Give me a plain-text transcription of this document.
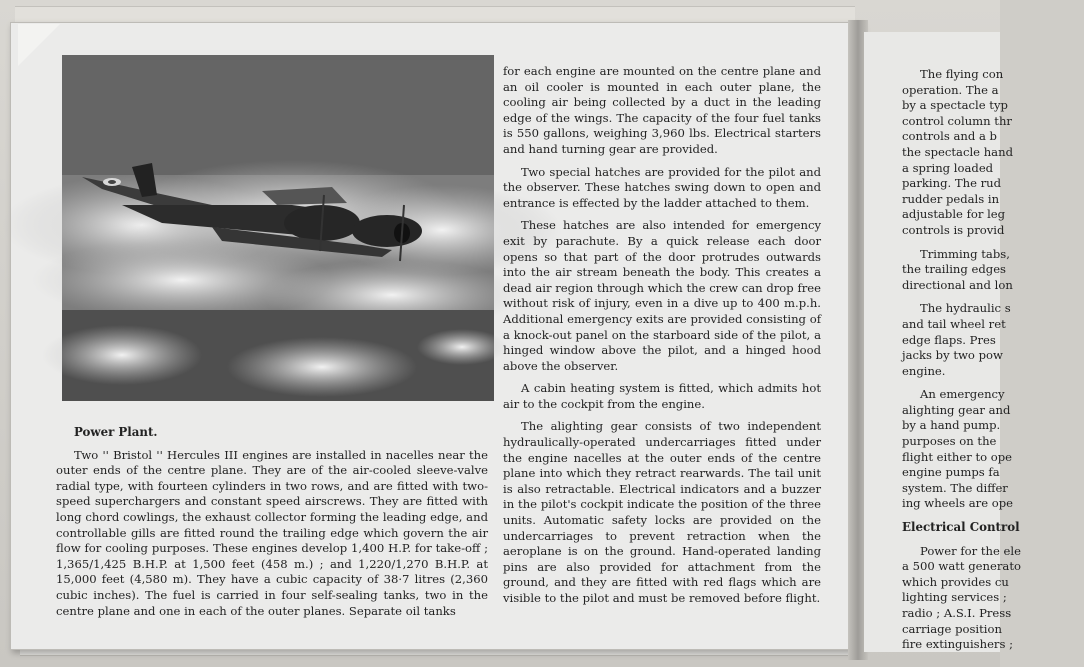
Power Plant.

Two '' Bristol '' Hercules III engines are installed in nacelles near the outer ends of the centre plane. They are of the air-cooled sleeve-valve radial type, with fourteen cylinders in two rows, and are fitted with two-speed superchargers and constant speed airscrews. They are fitted with long chord cowlings, the exhaust collector forming the leading edge, and controllable gills are fitted round the trailing edge which govern the air flow for cooling purposes. These engines develop 1,400 H.P. for take-off ; 1,365/1,425 B.H.P. at 1,500 feet (458 m.) ; and 1,220/1,270 B.H.P. at 15,000 feet (4,580 m). They have a cubic capacity of 38·7 litres (2,360 cubic inches). The fuel is carried in four self-sealing tanks, two in the centre plane and one in each of the outer planes. Separate oil tanks

for each engine are mounted on the centre plane and an oil cooler is mounted in each outer plane, the cooling air being collected by a duct in the leading edge of the wings. The capacity of the four fuel tanks is 550 gallons, weighing 3,960 lbs. Electrical starters and hand turning gear are provided.

Two special hatches are provided for the pilot and the observer. These hatches swing down to open and entrance is effected by the ladder attached to them.

These hatches are also intended for emergency exit by parachute. By a quick release each door opens so that part of the door protrudes outwards into the air stream beneath the body. This creates a dead air region through which the crew can drop free without risk of injury, even in a dive up to 400 m.p.h. Additional emergency exits are provided consisting of a knock-out panel on the starboard side of the pilot, a hinged window above the pilot, and a hinged hood above the observer.

A cabin heating system is fitted, which admits hot air to the cockpit from the engine.

The alighting gear consists of two independent hydraulically-operated undercarriages fitted under the engine nacelles at the outer ends of the centre plane into which they retract rearwards. The tail unit is also retractable. Electrical indicators and a buzzer in the pilot's cockpit indicate the position of the three units. Automatic safety locks are provided on the undercarriages to prevent retraction when the aeroplane is on the ground. Hand-operated landing pins are also provided for attachment from the ground, and they are fitted with red flags which are visible to the pilot and must be removed before flight.

The flying con
operation. The a
by a spectacle typ
control column thr
controls and a b
the spectacle hand
a spring loaded
parking. The rud
rudder pedals in
adjustable for leg
controls is provid

Trimming tabs,
the trailing edges
directional and lon

The hydraulic s
and tail wheel ret
edge flaps. Pres
jacks by two pow
engine.

An emergency
alighting gear and
by a hand pump.
purposes on the
flight either to ope
engine pumps fa
system. The differ
ing wheels are ope

Electrical Control

Power for the ele
a 500 watt generato
which provides cu
lighting services ;
radio ; A.S.I. Press
carriage position
fire extinguishers ;
